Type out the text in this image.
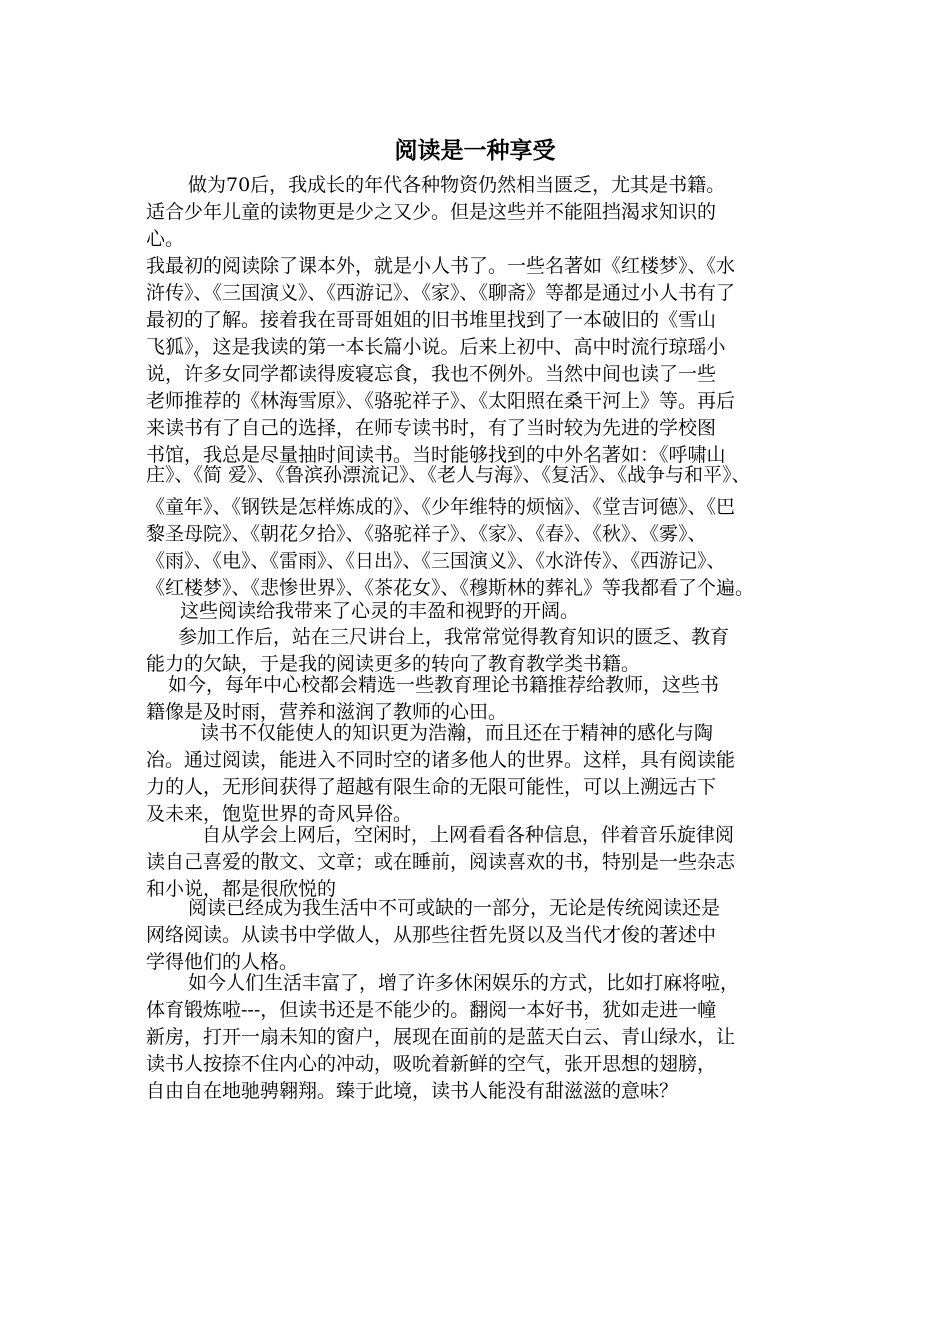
阅读是一种享受
做为70后，我成长的年代各种物资仍然相当匮乏，尤其是书籍。
适合少年儿童的读物更是少之又少。但是这些并不能阻挡渴求知识的
心。
我最初的阅读除了课本外，就是小人书了。一些名著如《红楼梦》、《水
浒传》、《三国演义》、《西游记》、《家》、《聊斋》等都是通过小人书有了
最初的了解。接着我在哥哥姐姐的旧书堆里找到了一本破旧的《雪山
飞狐》，这是我读的第一本长篇小说。后来上初中、高中时流行琼瑶小
说，许多女同学都读得废寝忘食，我也不例外。当然中间也读了一些
老师推荐的《林海雪原》、《骆驼祥子》、《太阳照在桑干河上》等。再后
来读书有了自己的选择，在师专读书时，有了当时较为先进的学校图
书馆，我总是尽量抽时间读书。当时能够找到的中外名著如：《呼啸山
庄》、《简 爱》、《鲁滨孙漂流记》、《老人与海》、《复活》、《战争与和平》、
《童年》、《钢铁是怎样炼成的》、《少年维特的烦恼》、《堂吉诃德》、《巴
黎圣母院》、《朝花夕拾》、《骆驼祥子》、《家》、《春》、《秋》、《雾》、
《雨》、《电》、《雷雨》、《日出》、《三国演义》、《水浒传》、《西游记》、
《红楼梦》、《悲惨世界》、《茶花女》、《穆斯林的葬礼》等我都看了个遍。
这些阅读给我带来了心灵的丰盈和视野的开阔。
参加工作后，站在三尺讲台上，我常常觉得教育知识的匮乏、教育
能力的欠缺，于是我的阅读更多的转向了教育教学类书籍。
如今，每年中心校都会精选一些教育理论书籍推荐给教师，这些书
籍像是及时雨，营养和滋润了教师的心田。
读书不仅能使人的知识更为浩瀚，而且还在于精神的感化与陶
冶。通过阅读，能进入不同时空的诸多他人的世界。这样，具有阅读能
力的人，无形间获得了超越有限生命的无限可能性，可以上溯远古下
及未来，饱览世界的奇风异俗。
自从学会上网后，空闲时，上网看看各种信息，伴着音乐旋律阅
读自己喜爱的散文、文章；或在睡前，阅读喜欢的书，特别是一些杂志
和小说，都是很欣悦的
阅读已经成为我生活中不可或缺的一部分，无论是传统阅读还是
网络阅读。从读书中学做人，从那些往哲先贤以及当代才俊的著述中
学得他们的人格。
如今人们生活丰富了，增了许多休闲娱乐的方式，比如打麻将啦，
体育锻炼啦---，但读书还是不能少的。翻阅一本好书，犹如走进一幢
新房，打开一扇未知的窗户，展现在面前的是蓝天白云、青山绿水，让
读书人按捺不住内心的冲动，吸吮着新鲜的空气，张开思想的翅膀，
自由自在地驰骋翱翔。臻于此境，读书人能没有甜滋滋的意味？
